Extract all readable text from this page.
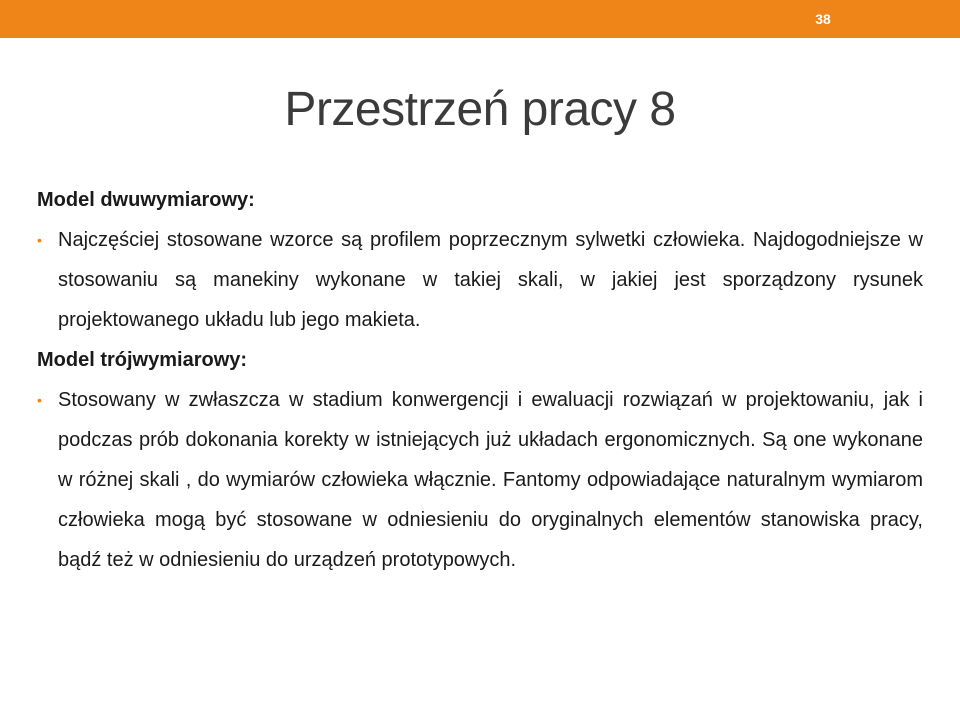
38
Przestrzeń pracy 8

Model dwuwymiarowy:

• Najczęściej stosowane wzorce są profilem poprzecznym sylwetki człowieka. Najdogodniejsze w stosowaniu są manekiny wykonane w takiej skali, w jakiej jest sporządzony rysunek projektowanego układu lub jego makieta.

Model trójwymiarowy:

• Stosowany w zwłaszcza w stadium konwergencji i ewaluacji rozwiązań w projektowaniu, jak i podczas prób dokonania korekty w istniejących już układach ergonomicznych. Są one wykonane w różnej skali , do wymiarów człowieka włącznie. Fantomy odpowiadające naturalnym wymiarom człowieka mogą być stosowane w odniesieniu do oryginalnych elementów stanowiska pracy, bądź też w odniesieniu do urządzeń prototypowych.
